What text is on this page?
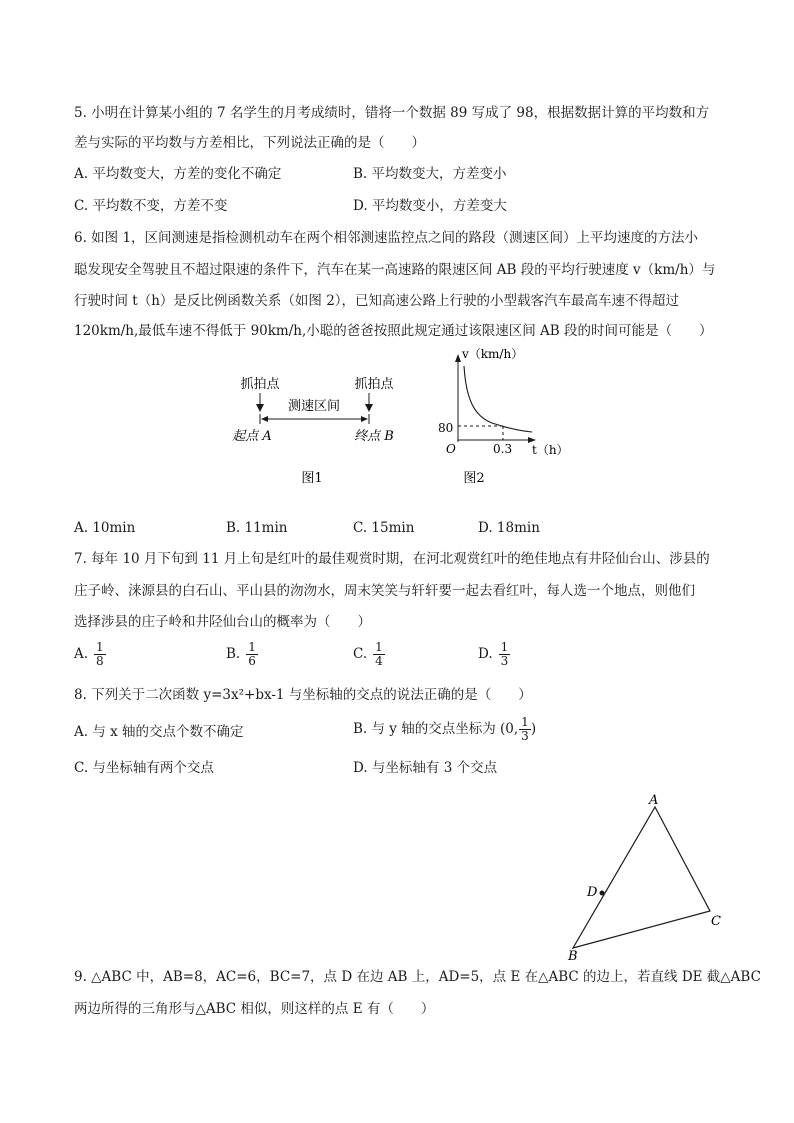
5. 小明在计算某小组的 7 名学生的月考成绩时，错将一个数据 89 写成了 98，根据数据计算的平均数和方
差与实际的平均数与方差相比，下列说法正确的是（　　）
A. 平均数变大，方差的变化不确定	B. 平均数变大，方差变小
C. 平均数不变，方差不变	D. 平均数变小，方差变大
6. 如图 1，区间测速是指检测机动车在两个相邻测速监控点之间的路段（测速区间）上平均速度的方法小
聪发现安全驾驶且不超过限速的条件下，汽车在某一高速路的限速区间 AB 段的平均行驶速度 v（km/h）与
行驶时间 t（h）是反比例函数关系（如图 2），已知高速公路上行驶的小型载客汽车最高车速不得超过
120km/h,最低车速不得低于 90km/h,小聪的爸爸按照此规定通过该限速区间 AB 段的时间可能是（　　）
抓拍点	抓拍点
测速区间
起点 A	终点 B
图1
v（km/h）
t（h）
O
80
0.3
图2
A. 10min	B. 11min	C. 15min	D. 18min
7. 每年 10 月下旬到 11 月上旬是红叶的最佳观赏时期，在河北观赏红叶的绝佳地点有井陉仙台山、涉县的
庄子岭、涞源县的白石山、平山县的沕沕水，周末笑笑与轩轩要一起去看红叶，每人选一个地点，则他们
选择涉县的庄子岭和井陉仙台山的概率为（　　）
A. $\frac{1}{8}$	B. $\frac{1}{6}$	C. $\frac{1}{4}$	D. $\frac{1}{3}$
8. 下列关于二次函数 y=3x²+bx-1 与坐标轴的交点的说法正确的是（　　）
A. 与 x 轴的交点个数不确定	B. 与 y 轴的交点坐标为 (0, $\frac{1}{3}$ )
C. 与坐标轴有两个交点	D. 与坐标轴有 3 个交点
A
B
C
D
9. △ABC 中，AB=8，AC=6，BC=7，点 D 在边 AB 上，AD=5，点 E 在△ABC 的边上，若直线 DE 截△ABC
两边所得的三角形与△ABC 相似，则这样的点 E 有（　　）
